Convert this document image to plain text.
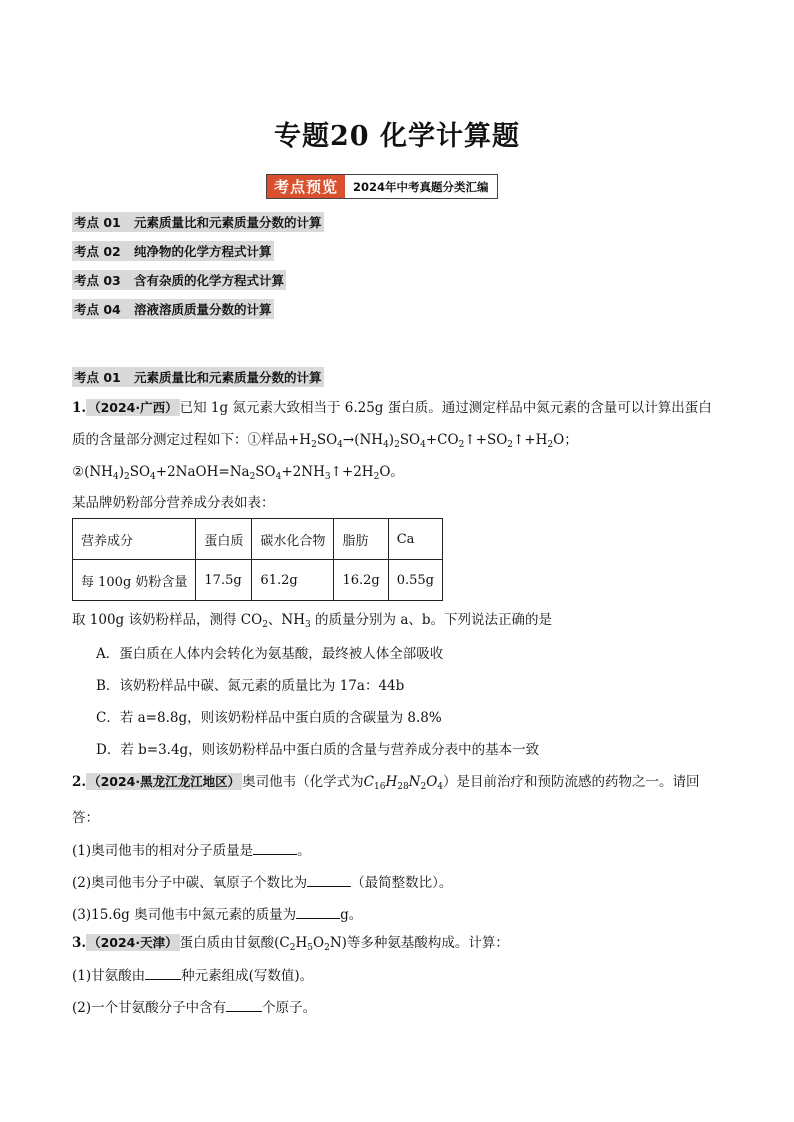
专题20 化学计算题
考点预览	2024年中考真题分类汇编
考点 01 元素质量比和元素质量分数的计算
考点 02 纯净物的化学方程式计算
考点 03 含有杂质的化学方程式计算
考点 04 溶液溶质质量分数的计算
考点 01 元素质量比和元素质量分数的计算
1. （2024·广西） 已知 1g 氮元素大致相当于 6.25g 蛋白质。通过测定样品中氮元素的含量可以计算出蛋白
质的含量部分测定过程如下：①样品$+H_2SO_4\to(NH_4)_2SO_4+CO_2↑+SO_2↑+H_2O$；
$②(NH_4)_2SO_4+2NaOH=Na_2SO_4+2NH_3↑+2H_2O$。
某品牌奶粉部分营养成分表如表：
营养成分	蛋白质	碳水化合物	脂肪	Ca
每 100g 奶粉含量	17.5g	61.2g	16.2g	0.55g
取 100g 该奶粉样品，测得 $CO_2$、$NH_3$ 的质量分别为 a、b。下列说法正确的是
A．蛋白质在人体内会转化为氨基酸，最终被人体全部吸收
B．该奶粉样品中碳、氮元素的质量比为 17a：44b
C．若 a=8.8g，则该奶粉样品中蛋白质的含碳量为 8.8%
D．若 b=3.4g，则该奶粉样品中蛋白质的含量与营养成分表中的基本一致
2. （2024·黑龙江龙江地区） 奥司他韦（化学式为$C_{16}H_{28}N_2O_4$）是目前治疗和预防流感的药物之一。请回
答：
(1)奥司他韦的相对分子质量是	。
(2)奥司他韦分子中碳、氧原子个数比为	（最简整数比）。
(3)15.6g 奥司他韦中氮元素的质量为	g。
3. （2024·天津） 蛋白质由甘氨酸$(C_2H_5O_2N)$等多种氨基酸构成。计算：
(1)甘氨酸由	种元素组成(写数值)。
(2)一个甘氨酸分子中含有	个原子。
